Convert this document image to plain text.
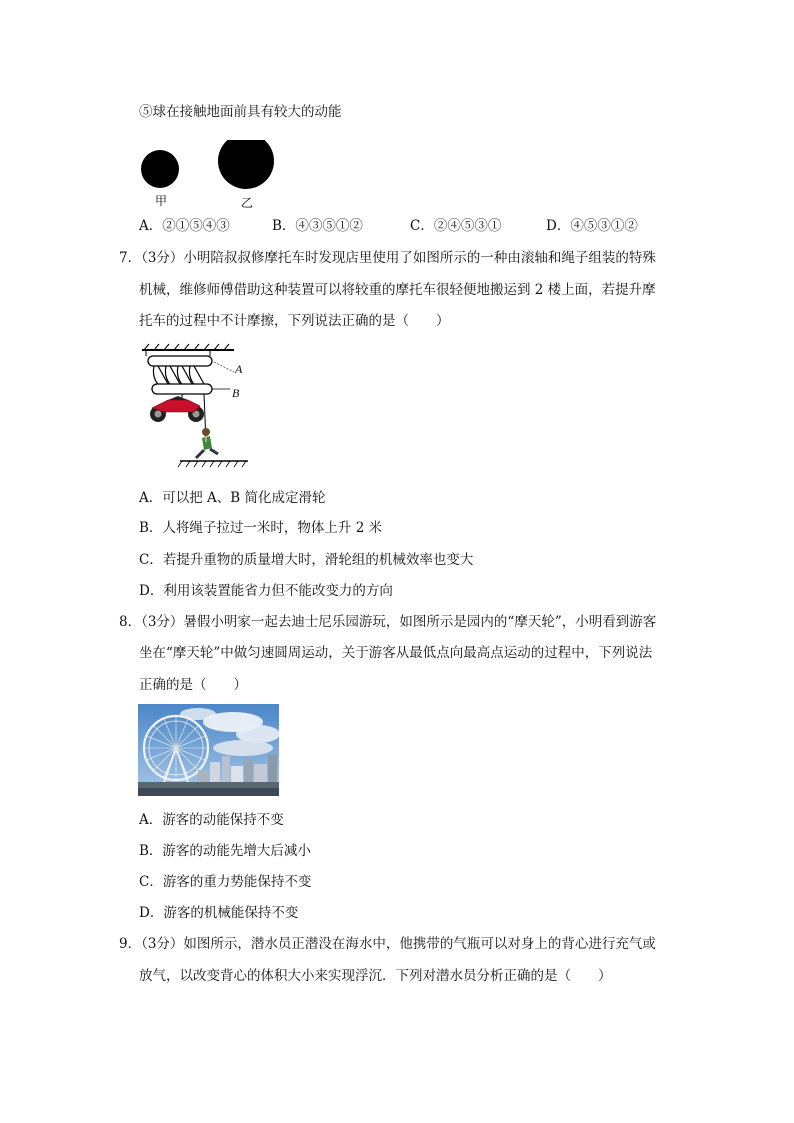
⑤球在接触地面前具有较大的动能
甲	乙
A．②①⑤④③	B．④③⑤①②	C．②④⑤③①	D．④⑤③①②
7．（3分）小明陪叔叔修摩托车时发现店里使用了如图所示的一种由滚轴和绳子组装的特殊
机械，维修师傅借助这种装置可以将较重的摩托车很轻便地搬运到 2 楼上面，若提升摩
托车的过程中不计摩擦，下列说法正确的是（　　）
A
B
A．可以把 A、B 简化成定滑轮
B．人将绳子拉过一米时，物体上升 2 米
C．若提升重物的质量增大时，滑轮组的机械效率也变大
D．利用该装置能省力但不能改变力的方向
8．（3分）暑假小明家一起去迪士尼乐园游玩，如图所示是园内的“摩天轮”，小明看到游客
坐在“摩天轮”中做匀速圆周运动，关于游客从最低点向最高点运动的过程中，下列说法
正确的是（　　）
A．游客的动能保持不变
B．游客的动能先增大后减小
C．游客的重力势能保持不变
D．游客的机械能保持不变
9．（3分）如图所示，潜水员正潜没在海水中，他携带的气瓶可以对身上的背心进行充气或
放气，以改变背心的体积大小来实现浮沉．下列对潜水员分析正确的是（　　）
